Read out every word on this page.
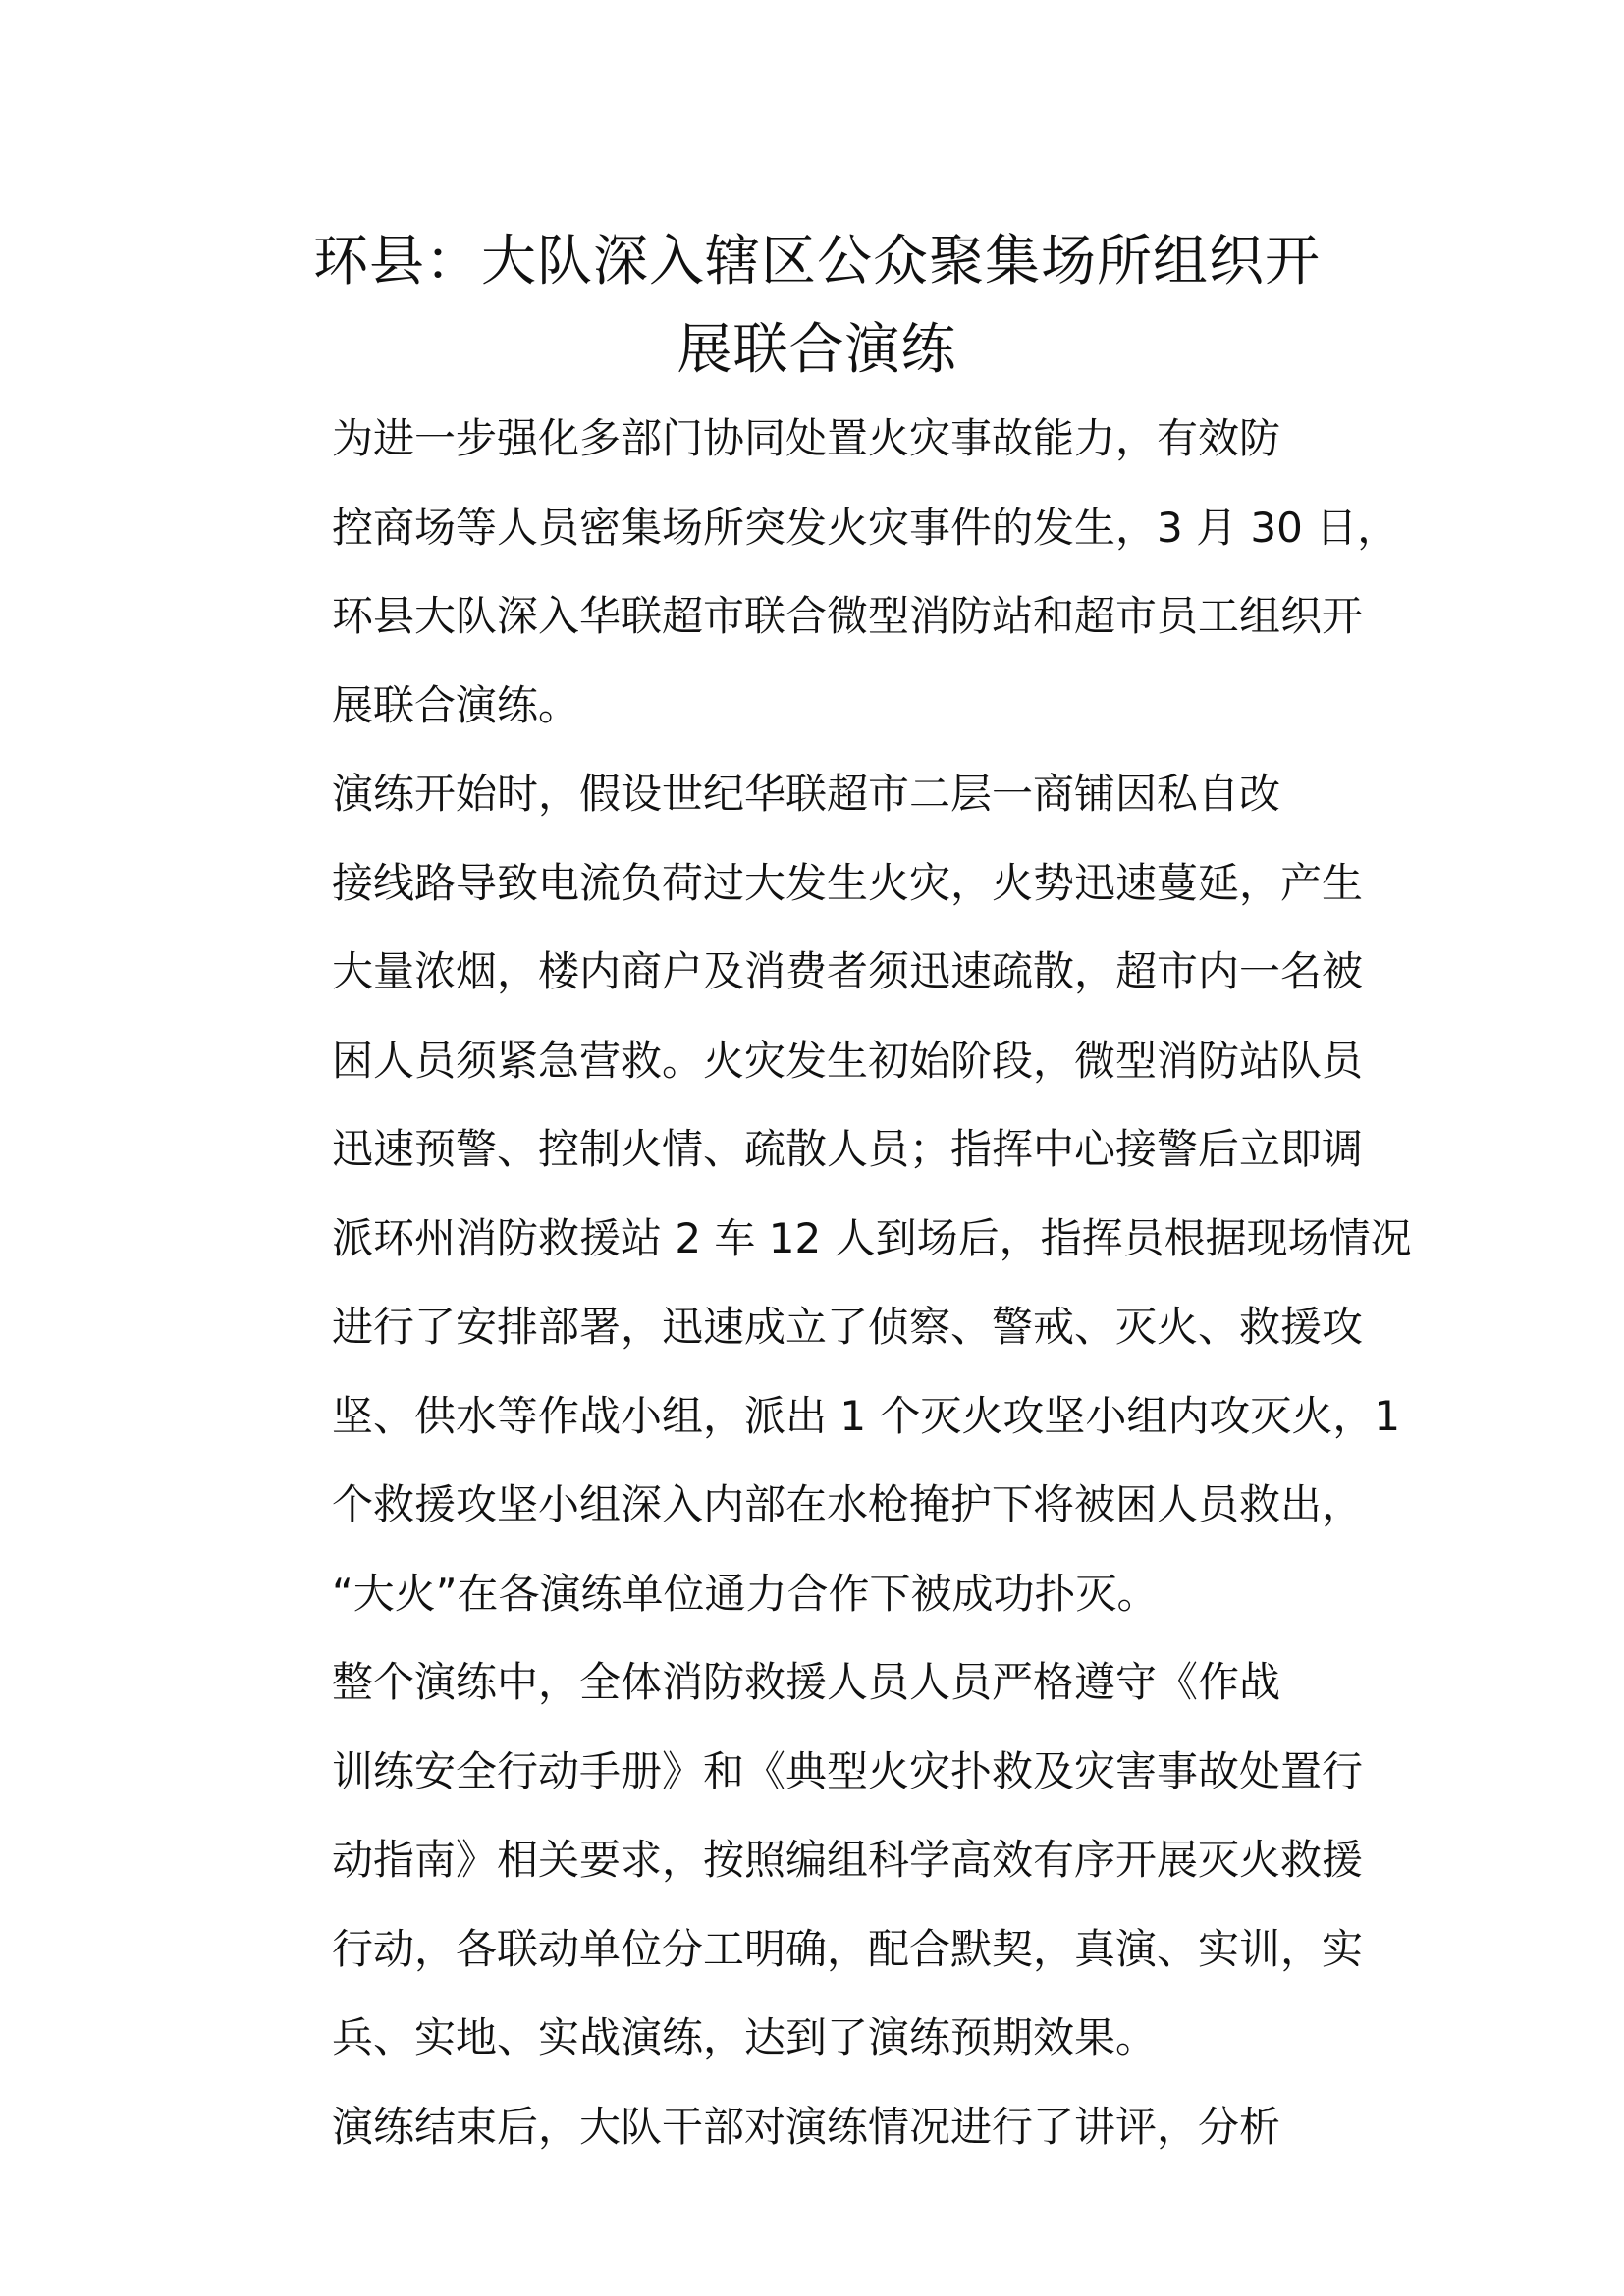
环县：大队深入辖区公众聚集场所组织开
展联合演练

为进一步强化多部门协同处置火灾事故能力，有效防
控商场等人员密集场所突发火灾事件的发生，3 月 30 日，
环县大队深入华联超市联合微型消防站和超市员工组织开
展联合演练。

演练开始时，假设世纪华联超市二层一商铺因私自改
接线路导致电流负荷过大发生火灾，火势迅速蔓延，产生
大量浓烟，楼内商户及消费者须迅速疏散，超市内一名被
困人员须紧急营救。火灾发生初始阶段，微型消防站队员
迅速预警、控制火情、疏散人员；指挥中心接警后立即调
派环州消防救援站 2 车 12 人到场后，指挥员根据现场情况
进行了安排部署，迅速成立了侦察、警戒、灭火、救援攻
坚、供水等作战小组，派出 1 个灭火攻坚小组内攻灭火，1
个救援攻坚小组深入内部在水枪掩护下将被困人员救出，
“大火”在各演练单位通力合作下被成功扑灭。

整个演练中，全体消防救援人员人员严格遵守《作战
训练安全行动手册》和《典型火灾扑救及灾害事故处置行
动指南》相关要求，按照编组科学高效有序开展灭火救援
行动，各联动单位分工明确，配合默契，真演、实训，实
兵、实地、实战演练，达到了演练预期效果。

演练结束后，大队干部对演练情况进行了讲评，分析
